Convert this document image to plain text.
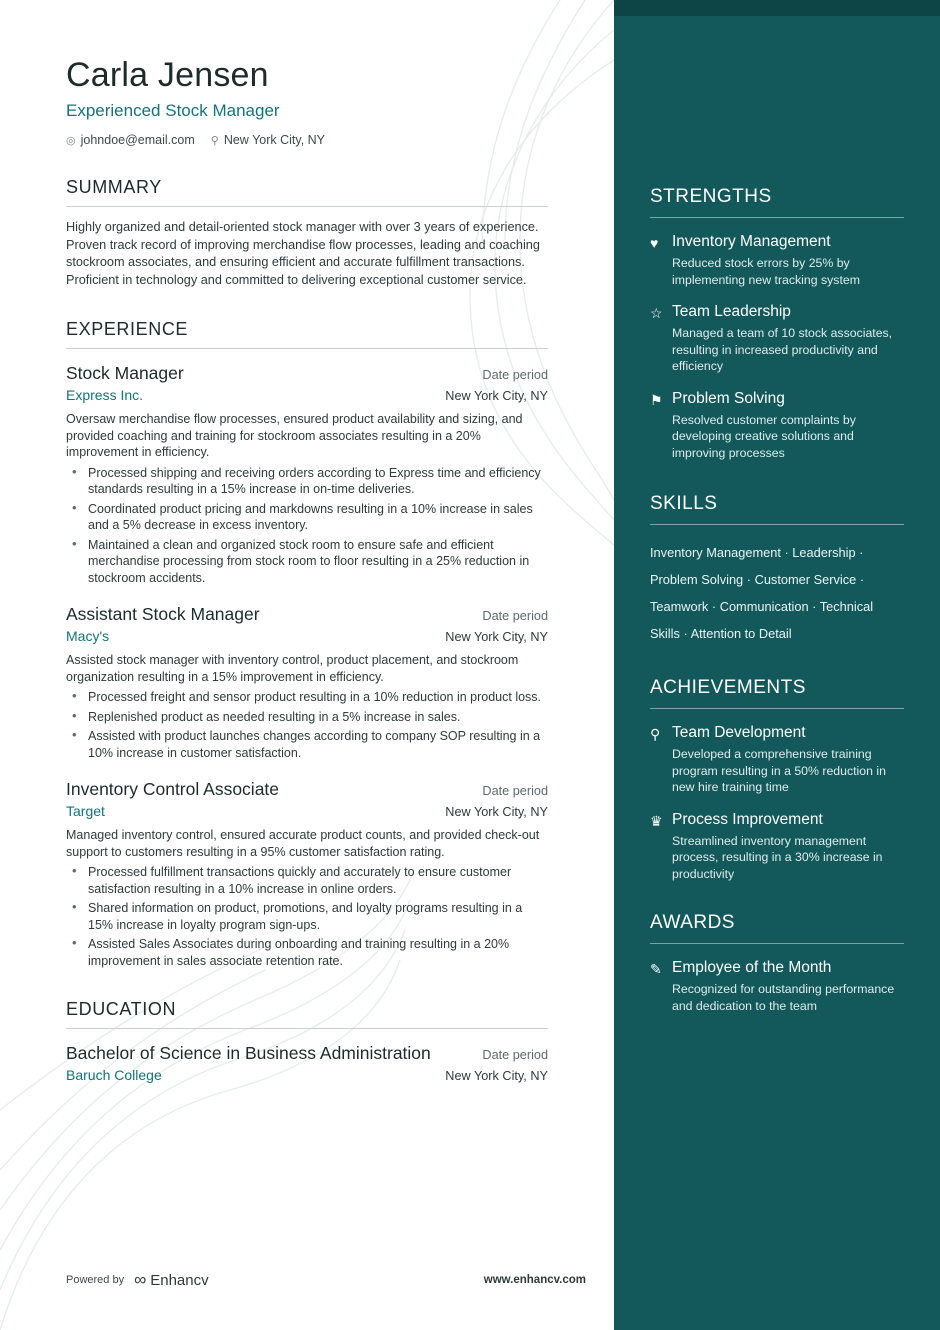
Carla Jensen
Experienced Stock Manager
◎ johndoe@email.com ⚲ New York City, NY
SUMMARY

Highly organized and detail-oriented stock manager with over 3 years of experience. Proven track record of improving merchandise flow processes, leading and coaching stockroom associates, and ensuring efficient and accurate fulfillment transactions. Proficient in technology and committed to delivering exceptional customer service.

EXPERIENCE
Stock Manager	Date period
Express Inc.	New York City, NY
Oversaw merchandise flow processes, ensured product availability and sizing, and provided coaching and training for stockroom associates resulting in a 20% improvement in efficiency.
• Processed shipping and receiving orders according to Express time and efficiency standards resulting in a 15% increase in on-time deliveries.
• Coordinated product pricing and markdowns resulting in a 10% increase in sales and a 5% decrease in excess inventory.
• Maintained a clean and organized stock room to ensure safe and efficient merchandise processing from stock room to floor resulting in a 25% reduction in stockroom accidents.
Assistant Stock Manager	Date period
Macy's	New York City, NY
Assisted stock manager with inventory control, product placement, and stockroom organization resulting in a 15% improvement in efficiency.
• Processed freight and sensor product resulting in a 10% reduction in product loss.
• Replenished product as needed resulting in a 5% increase in sales.
• Assisted with product launches changes according to company SOP resulting in a 10% increase in customer satisfaction.
Inventory Control Associate	Date period
Target	New York City, NY
Managed inventory control, ensured accurate product counts, and provided check-out support to customers resulting in a 95% customer satisfaction rating.
• Processed fulfillment transactions quickly and accurately to ensure customer satisfaction resulting in a 10% increase in online orders.
• Shared information on product, promotions, and loyalty programs resulting in a 15% increase in loyalty program sign-ups.
• Assisted Sales Associates during onboarding and training resulting in a 20% improvement in sales associate retention rate.
EDUCATION
Bachelor of Science in Business Administration	Date period
Baruch College	New York City, NY
Powered by ∞ Enhancv	www.enhancv.com
STRENGTHS
♥ Inventory Management
Reduced stock errors by 25% by implementing new tracking system
☆ Team Leadership
Managed a team of 10 stock associates, resulting in increased productivity and efficiency
⚑ Problem Solving
Resolved customer complaints by developing creative solutions and improving processes
SKILLS
Inventory Management · Leadership · Problem Solving · Customer Service · Teamwork · Communication · Technical Skills · Attention to Detail
ACHIEVEMENTS
⚲ Team Development
Developed a comprehensive training program resulting in a 50% reduction in new hire training time
♛ Process Improvement
Streamlined inventory management process, resulting in a 30% increase in productivity
AWARDS
✎ Employee of the Month
Recognized for outstanding performance and dedication to the team
